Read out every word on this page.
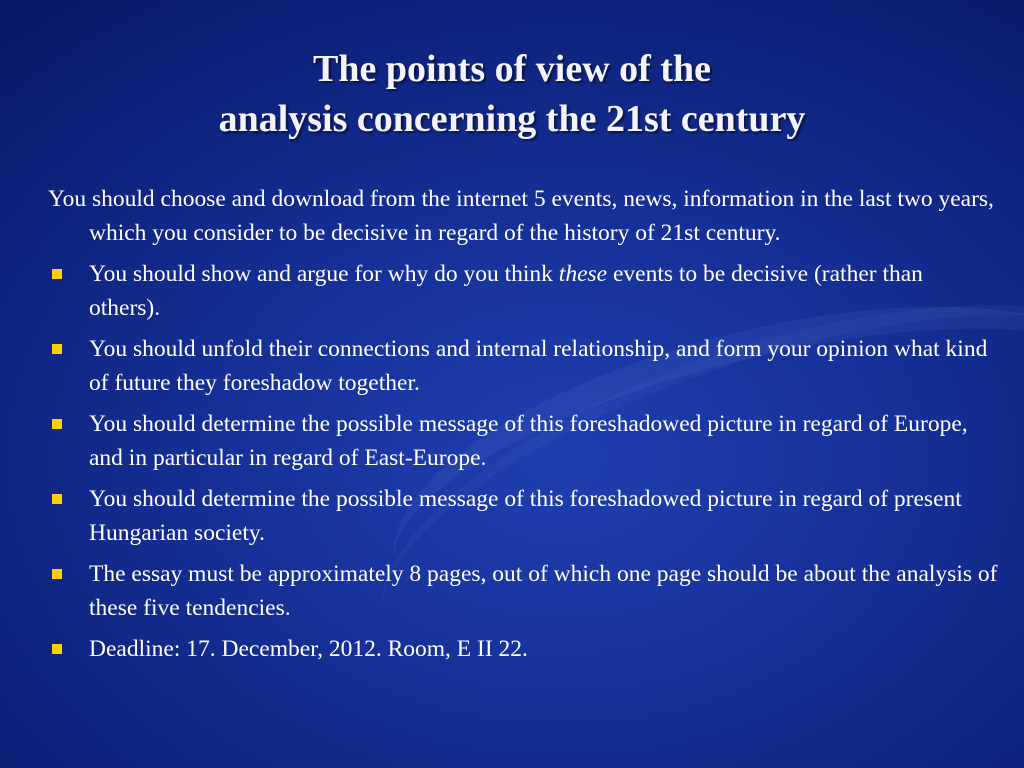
The points of view of the
analysis concerning the 21st century

You should choose and download from the internet 5 events, news, information in the last two years, which you consider to be decisive in regard of the history of 21st century.

You should show and argue for why do you think these events to be decisive (rather than others).

You should unfold their connections and internal relationship, and form your opinion what kind of future they foreshadow together.

You should determine the possible message of this foreshadowed picture in regard of Europe, and in particular in regard of East-Europe.

You should determine the possible message of this foreshadowed picture in regard of present Hungarian society.

The essay must be approximately 8 pages, out of which one page should be about the analysis of these five tendencies.

Deadline: 17. December, 2012. Room, E II 22.
